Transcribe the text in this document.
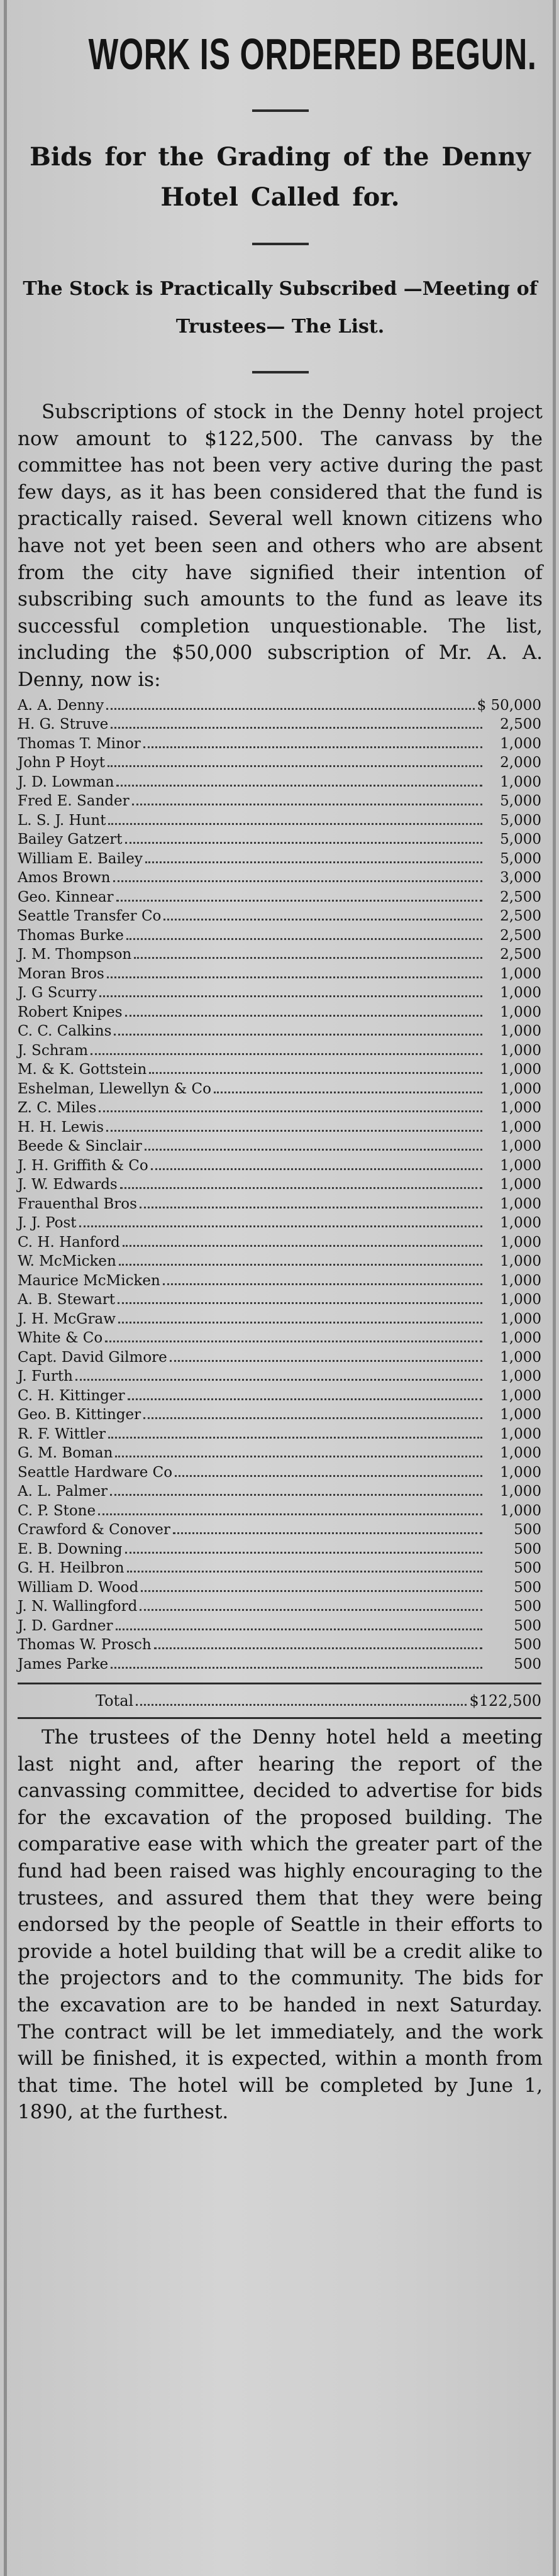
WORK IS ORDERED BEGUN.
Bids for the Grading of the Denny Hotel Called for.
The Stock is Practically Subscribed —Meeting of Trustees— The List.

Subscriptions of stock in the Denny hotel project now amount to $122,500. The canvass by the committee has not been very active during the past few days, as it has been considered that the fund is practically raised. Several well known citizens who have not yet been seen and others who are absent from the city have signified their intention of subscribing such amounts to the fund as leave its successful completion unquestionable. The list, including the $50,000 subscription of Mr. A. A. Denny, now is:

A. A. Denny	$ 50,000
H. G. Struve	2,500
Thomas T. Minor	1,000
John P Hoyt	2,000
J. D. Lowman	1,000
Fred E. Sander	5,000
L. S. J. Hunt	5,000
Bailey Gatzert	5,000
William E. Bailey	5,000
Amos Brown	3,000
Geo. Kinnear	2,500
Seattle Transfer Co	2,500
Thomas Burke	2,500
J. M. Thompson	2,500
Moran Bros	1,000
J. G Scurry	1,000
Robert Knipes	1,000
C. C. Calkins	1,000
J. Schram	1,000
M. & K. Gottstein	1,000
Eshelman, Llewellyn & Co	1,000
Z. C. Miles	1,000
H. H. Lewis	1,000
Beede & Sinclair	1,000
J. H. Griffith & Co	1,000
J. W. Edwards	1,000
Frauenthal Bros	1,000
J. J. Post	1,000
C. H. Hanford	1,000
W. McMicken	1,000
Maurice McMicken	1,000
A. B. Stewart	1,000
J. H. McGraw	1,000
White & Co	1,000
Capt. David Gilmore	1,000
J. Furth	1,000
C. H. Kittinger	1,000
Geo. B. Kittinger	1,000
R. F. Wittler	1,000
G. M. Boman	1,000
Seattle Hardware Co	1,000
A. L. Palmer	1,000
C. P. Stone	1,000
Crawford & Conover	500
E. B. Downing	500
G. H. Heilbron	500
William D. Wood	500
J. N. Wallingford	500
J. D. Gardner	500
Thomas W. Prosch	500
James Parke	500
Total	$122,500

The trustees of the Denny hotel held a meeting last night and, after hearing the report of the canvassing committee, decided to advertise for bids for the excavation of the proposed building. The comparative ease with which the greater part of the fund had been raised was highly encouraging to the trustees, and assured them that they were being endorsed by the people of Seattle in their efforts to provide a hotel building that will be a credit alike to the projectors and to the community. The bids for the excavation are to be handed in next Saturday. The contract will be let immediately, and the work will be finished, it is expected, within a month from that time. The hotel will be completed by June 1, 1890, at the furthest.
